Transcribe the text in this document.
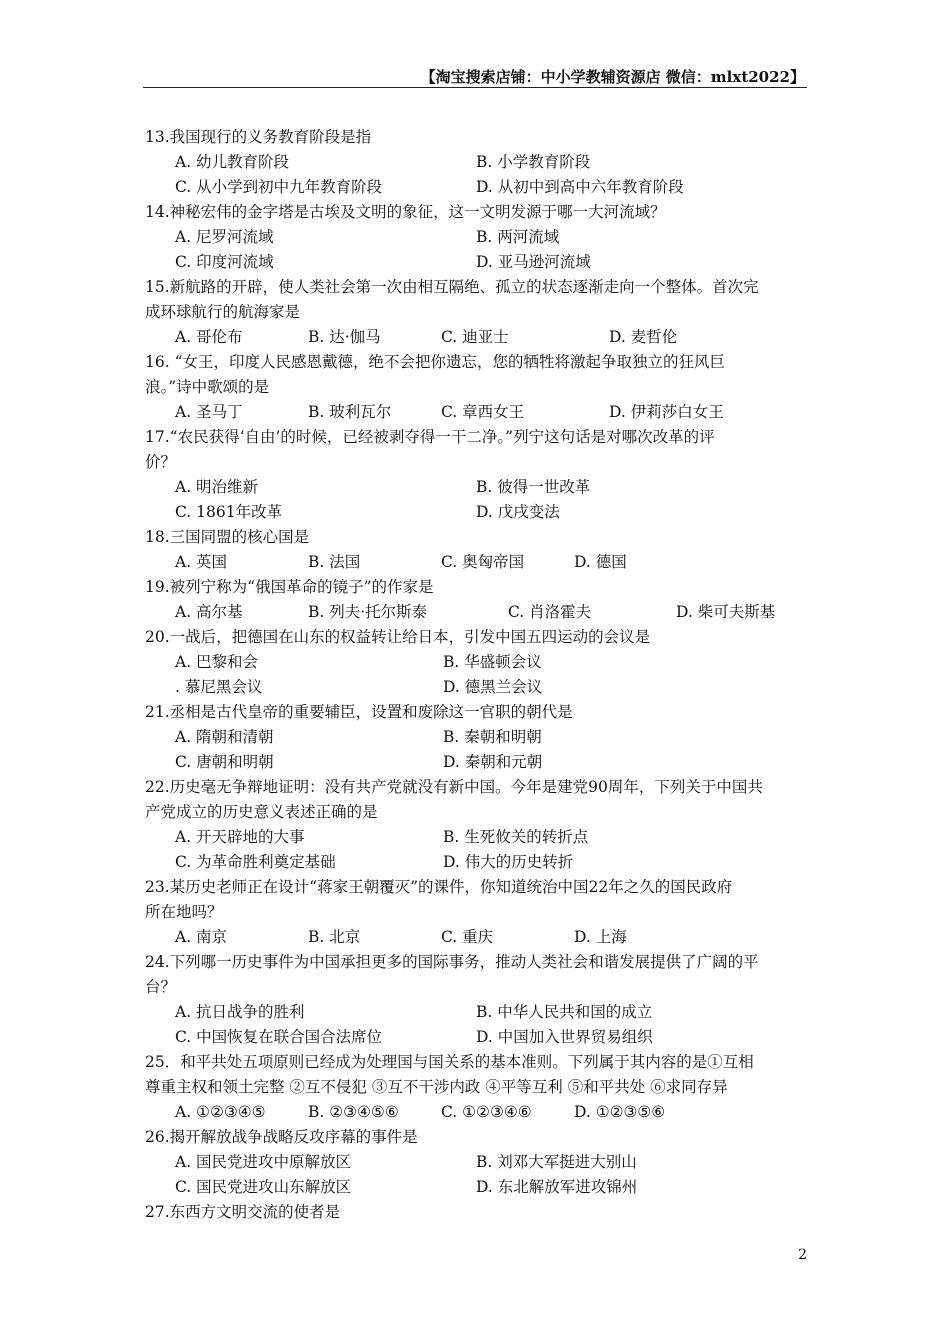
【淘宝搜索店铺：中小学教辅资源店 微信：mlxt2022】

13.我国现行的义务教育阶段是指

A. 幼儿教育阶段	B. 小学教育阶段
C. 从小学到初中九年教育阶段	D. 从初中到高中六年教育阶段

14.神秘宏伟的金字塔是古埃及文明的象征，这一文明发源于哪一大河流域？

A. 尼罗河流域	B. 两河流域
C. 印度河流域	D. 亚马逊河流域

15.新航路的开辟，使人类社会第一次由相互隔绝、孤立的状态逐渐走向一个整体。首次完

成环球航行的航海家是

A. 哥伦布	B. 达·伽马	C. 迪亚士	D. 麦哲伦

16. “女王，印度人民感恩戴德，绝不会把你遗忘，您的牺牲将激起争取独立的狂风巨

浪。”诗中歌颂的是

A. 圣马丁	B. 玻利瓦尔	C. 章西女王	D. 伊莉莎白女王

17.“农民获得‘自由’的时候，已经被剥夺得一干二净。”列宁这句话是对哪次改革的评

价？

A. 明治维新	B. 彼得一世改革
C. 1861年改革	D. 戊戌变法

18.三国同盟的核心国是

A. 英国	B. 法国	C. 奥匈帝国	D. 德国

19.被列宁称为“俄国革命的镜子”的作家是

A. 高尔基	B. 列夫·托尔斯泰	C. 肖洛霍夫	D. 柴可夫斯基

20.一战后，把德国在山东的权益转让给日本，引发中国五四运动的会议是

A. 巴黎和会	B. 华盛顿会议
. 慕尼黑会议	D. 德黑兰会议

21.丞相是古代皇帝的重要辅臣，设置和废除这一官职的朝代是

A. 隋朝和清朝	B. 秦朝和明朝
C. 唐朝和明朝	D. 秦朝和元朝

22.历史毫无争辩地证明：没有共产党就没有新中国。今年是建党90周年，下列关于中国共

产党成立的历史意义表述正确的是

A. 开天辟地的大事	B. 生死攸关的转折点
C. 为革命胜利奠定基础	D. 伟大的历史转折

23.某历史老师正在设计“蒋家王朝覆灭”的课件，你知道统治中国22年之久的国民政府

所在地吗？

A. 南京	B. 北京	C. 重庆	D. 上海

24.下列哪一历史事件为中国承担更多的国际事务，推动人类社会和谐发展提供了广阔的平

台？

A. 抗日战争的胜利	B. 中华人民共和国的成立
C. 中国恢复在联合国合法席位	D. 中国加入世界贸易组织

25．和平共处五项原则已经成为处理国与国关系的基本准则。下列属于其内容的是①互相

尊重主权和领土完整 ②互不侵犯 ③互不干涉内政 ④平等互利 ⑤和平共处 ⑥求同存异

A. ①②③④⑤	B. ②③④⑤⑥	C. ①②③④⑥	D. ①②③⑤⑥

26.揭开解放战争战略反攻序幕的事件是

A. 国民党进攻中原解放区	B. 刘邓大军挺进大别山
C. 国民党进攻山东解放区	D. 东北解放军进攻锦州

27.东西方文明交流的使者是

2
